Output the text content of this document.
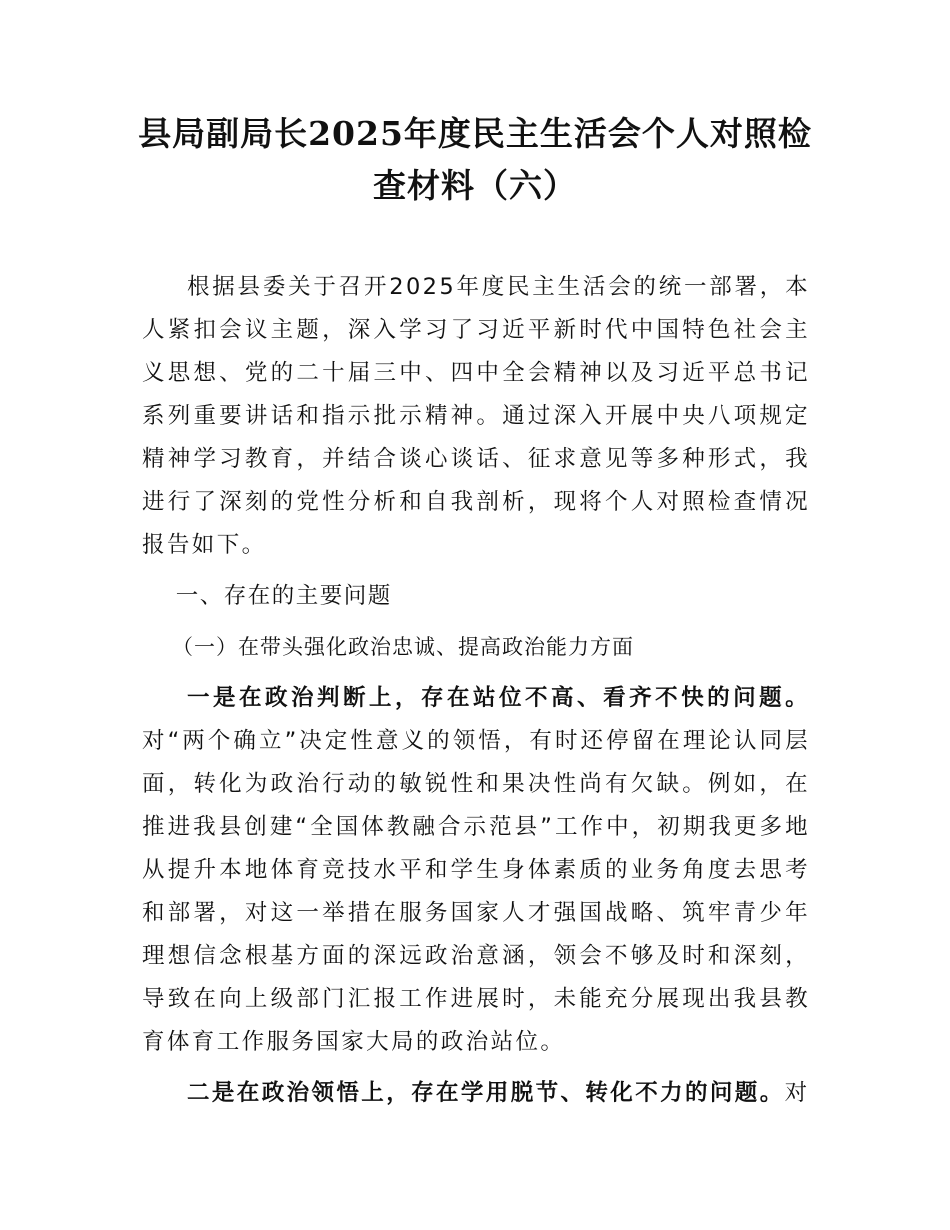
县局副局长2025年度民主生活会个人对照检
查材料（六）

根据县委关于召开2025年度民主生活会的统一部署，本人紧扣会议主题，深入学习了习近平新时代中国特色社会主义思想、党的二十届三中、四中全会精神以及习近平总书记系列重要讲话和指示批示精神。通过深入开展中央八项规定精神学习教育，并结合谈心谈话、征求意见等多种形式，我进行了深刻的党性分析和自我剖析，现将个人对照检查情况报告如下。

一、存在的主要问题

（一）在带头强化政治忠诚、提高政治能力方面

一是在政治判断上，存在站位不高、看齐不快的问题。对“两个确立”决定性意义的领悟，有时还停留在理论认同层面，转化为政治行动的敏锐性和果决性尚有欠缺。例如，在推进我县创建“全国体教融合示范县”工作中，初期我更多地从提升本地体育竞技水平和学生身体素质的业务角度去思考和部署，对这一举措在服务国家人才强国战略、筑牢青少年理想信念根基方面的深远政治意涵，领会不够及时和深刻，导致在向上级部门汇报工作进展时，未能充分展现出我县教育体育工作服务国家大局的政治站位。

二是在政治领悟上，存在学用脱节、转化不力的问题。对
